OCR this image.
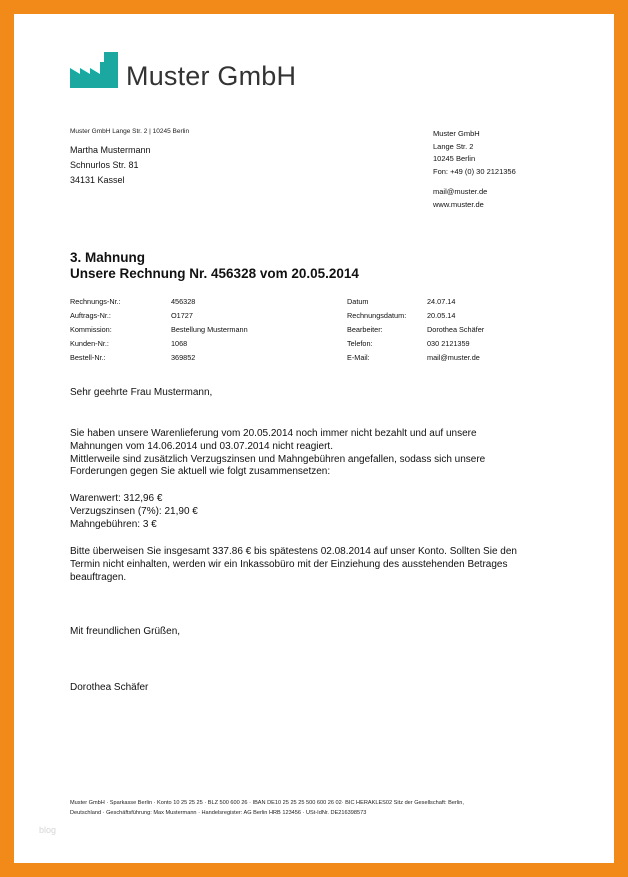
Muster GmbH
Muster GmbH Lange Str. 2 | 10245 Berlin
Martha Mustermann
Schnurlos Str. 81
34131 Kassel
Muster GmbH
Lange Str. 2
10245 Berlin
Fon: +49 (0) 30 2121356
mail@muster.de
www.muster.de
3. Mahnung
Unsere Rechnung Nr. 456328 vom 20.05.2014
Rechnungs-Nr.:	456328	Datum	24.07.14
Auftrags-Nr.:	O1727	Rechnungsdatum:	20.05.14
Kommission:	Bestellung Mustermann	Bearbeiter:	Dorothea Schäfer
Kunden-Nr.:	1068	Telefon:	030 2121359
Bestell-Nr.:	369852	E-Mail:	mail@muster.de
Sehr geehrte Frau Mustermann,
Sie haben unsere Warenlieferung vom 20.05.2014 noch immer nicht bezahlt und auf unsere
Mahnungen vom 14.06.2014 und 03.07.2014 nicht reagiert.
Mittlerweile sind zusätzlich Verzugszinsen und Mahngebühren angefallen, sodass sich unsere
Forderungen gegen Sie aktuell wie folgt zusammensetzen:
Warenwert: 312,96 €
Verzugszinsen (7%): 21,90 €
Mahngebühren: 3 €
Bitte überweisen Sie insgesamt 337.86 € bis spätestens 02.08.2014 auf unser Konto. Sollten Sie den
Termin nicht einhalten, werden wir ein Inkassobüro mit der Einziehung des ausstehenden Betrages
beauftragen.
Mit freundlichen Grüßen,
Dorothea Schäfer
Muster GmbH · Sparkasse Berlin · Konto 10 25 25 25 · BLZ 500 600 26 · IBAN DE10 25 25 25 500 600 26 02· BIC HERAKLES02 Sitz der Gesellschaft: Berlin,
Deutschland · Geschäftsführung: Max Mustermann · Handelsregister: AG Berlin HRB 123456 · USt-IdNr. DE216398573
blog
